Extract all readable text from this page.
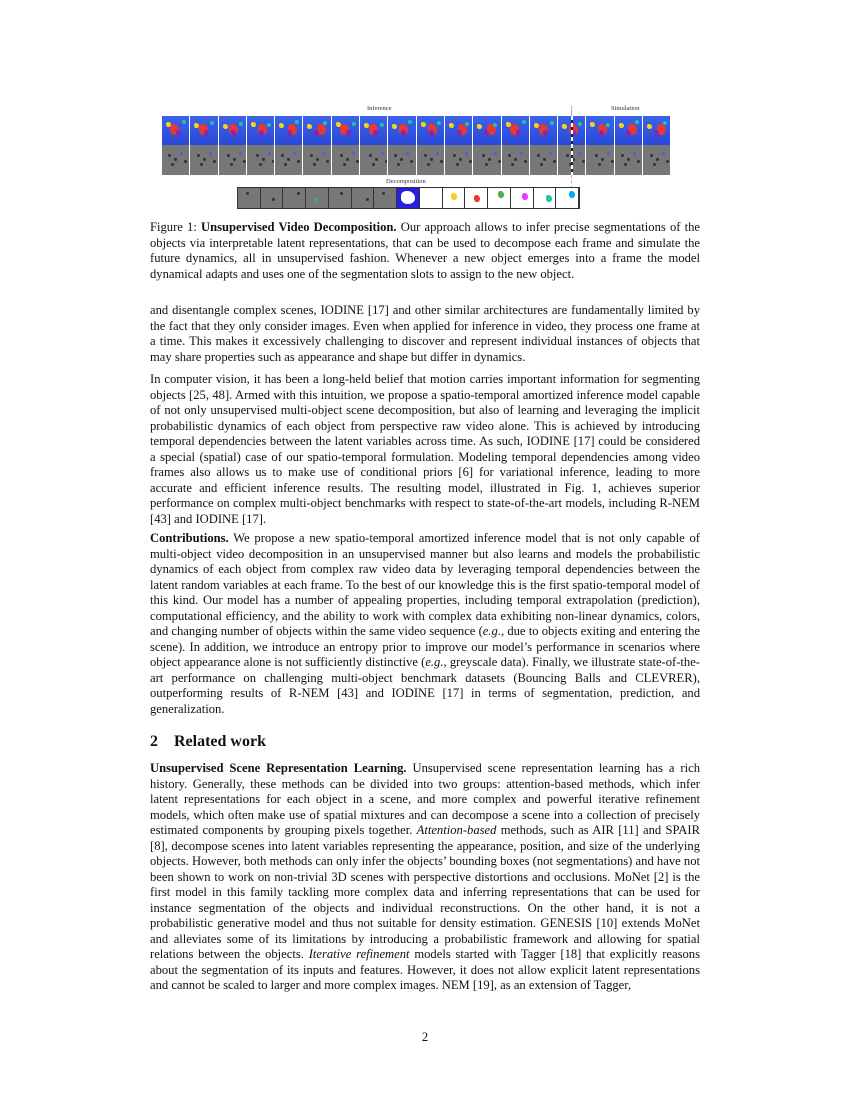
Inference	Simulation
Decomposition
Figure 1: Unsupervised Video Decomposition. Our approach allows to infer precise segmentations of the objects via interpretable latent representations, that can be used to decompose each frame and simulate the future dynamics, all in unsupervised fashion. Whenever a new object emerges into a frame the model dynamical adapts and uses one of the segmentation slots to assign to the new object.

and disentangle complex scenes, IODINE [17] and other similar architectures are fundamentally limited by the fact that they only consider images. Even when applied for inference in video, they process one frame at a time. This makes it excessively challenging to discover and represent individual instances of objects that may share properties such as appearance and shape but differ in dynamics.

In computer vision, it has been a long-held belief that motion carries important information for segmenting objects [25, 48]. Armed with this intuition, we propose a spatio-temporal amortized inference model capable of not only unsupervised multi-object scene decomposition, but also of learning and leveraging the implicit probabilistic dynamics of each object from perspective raw video alone. This is achieved by introducing temporal dependencies between the latent variables across time. As such, IODINE [17] could be considered a special (spatial) case of our spatio-temporal formulation. Modeling temporal dependencies among video frames also allows us to make use of conditional priors [6] for variational inference, leading to more accurate and efficient inference results. The resulting model, illustrated in Fig. 1, achieves superior performance on complex multi-object benchmarks with respect to state-of-the-art models, including R-NEM [43] and IODINE [17].

Contributions. We propose a new spatio-temporal amortized inference model that is not only capable of multi-object video decomposition in an unsupervised manner but also learns and models the probabilistic dynamics of each object from complex raw video data by leveraging temporal dependencies between the latent random variables at each frame. To the best of our knowledge this is the first spatio-temporal model of this kind. Our model has a number of appealing properties, including temporal extrapolation (prediction), computational efficiency, and the ability to work with complex data exhibiting non-linear dynamics, colors, and changing number of objects within the same video sequence (e.g., due to objects exiting and entering the scene). In addition, we introduce an entropy prior to improve our model’s performance in scenarios where object appearance alone is not sufficiently distinctive (e.g., greyscale data). Finally, we illustrate state-of-the-art performance on challenging multi-object benchmark datasets (Bouncing Balls and CLEVRER), outperforming results of R-NEM [43] and IODINE [17] in terms of segmentation, prediction, and generalization.

2 Related work

Unsupervised Scene Representation Learning. Unsupervised scene representation learning has a rich history. Generally, these methods can be divided into two groups: attention-based methods, which infer latent representations for each object in a scene, and more complex and powerful iterative refinement models, which often make use of spatial mixtures and can decompose a scene into a collection of precisely estimated components by grouping pixels together. Attention-based methods, such as AIR [11] and SPAIR [8], decompose scenes into latent variables representing the appearance, position, and size of the underlying objects. However, both methods can only infer the objects’ bounding boxes (not segmentations) and have not been shown to work on non-trivial 3D scenes with perspective distortions and occlusions. MoNet [2] is the first model in this family tackling more complex data and inferring representations that can be used for instance segmentation of the objects and individual reconstructions. On the other hand, it is not a probabilistic generative model and thus not suitable for density estimation. GENESIS [10] extends MoNet and alleviates some of its limitations by introducing a probabilistic framework and allowing for spatial relations between the objects. Iterative refinement models started with Tagger [18] that explicitly reasons about the segmentation of its inputs and features. However, it does not allow explicit latent representations and cannot be scaled to larger and more complex images. NEM [19], as an extension of Tagger,

2
